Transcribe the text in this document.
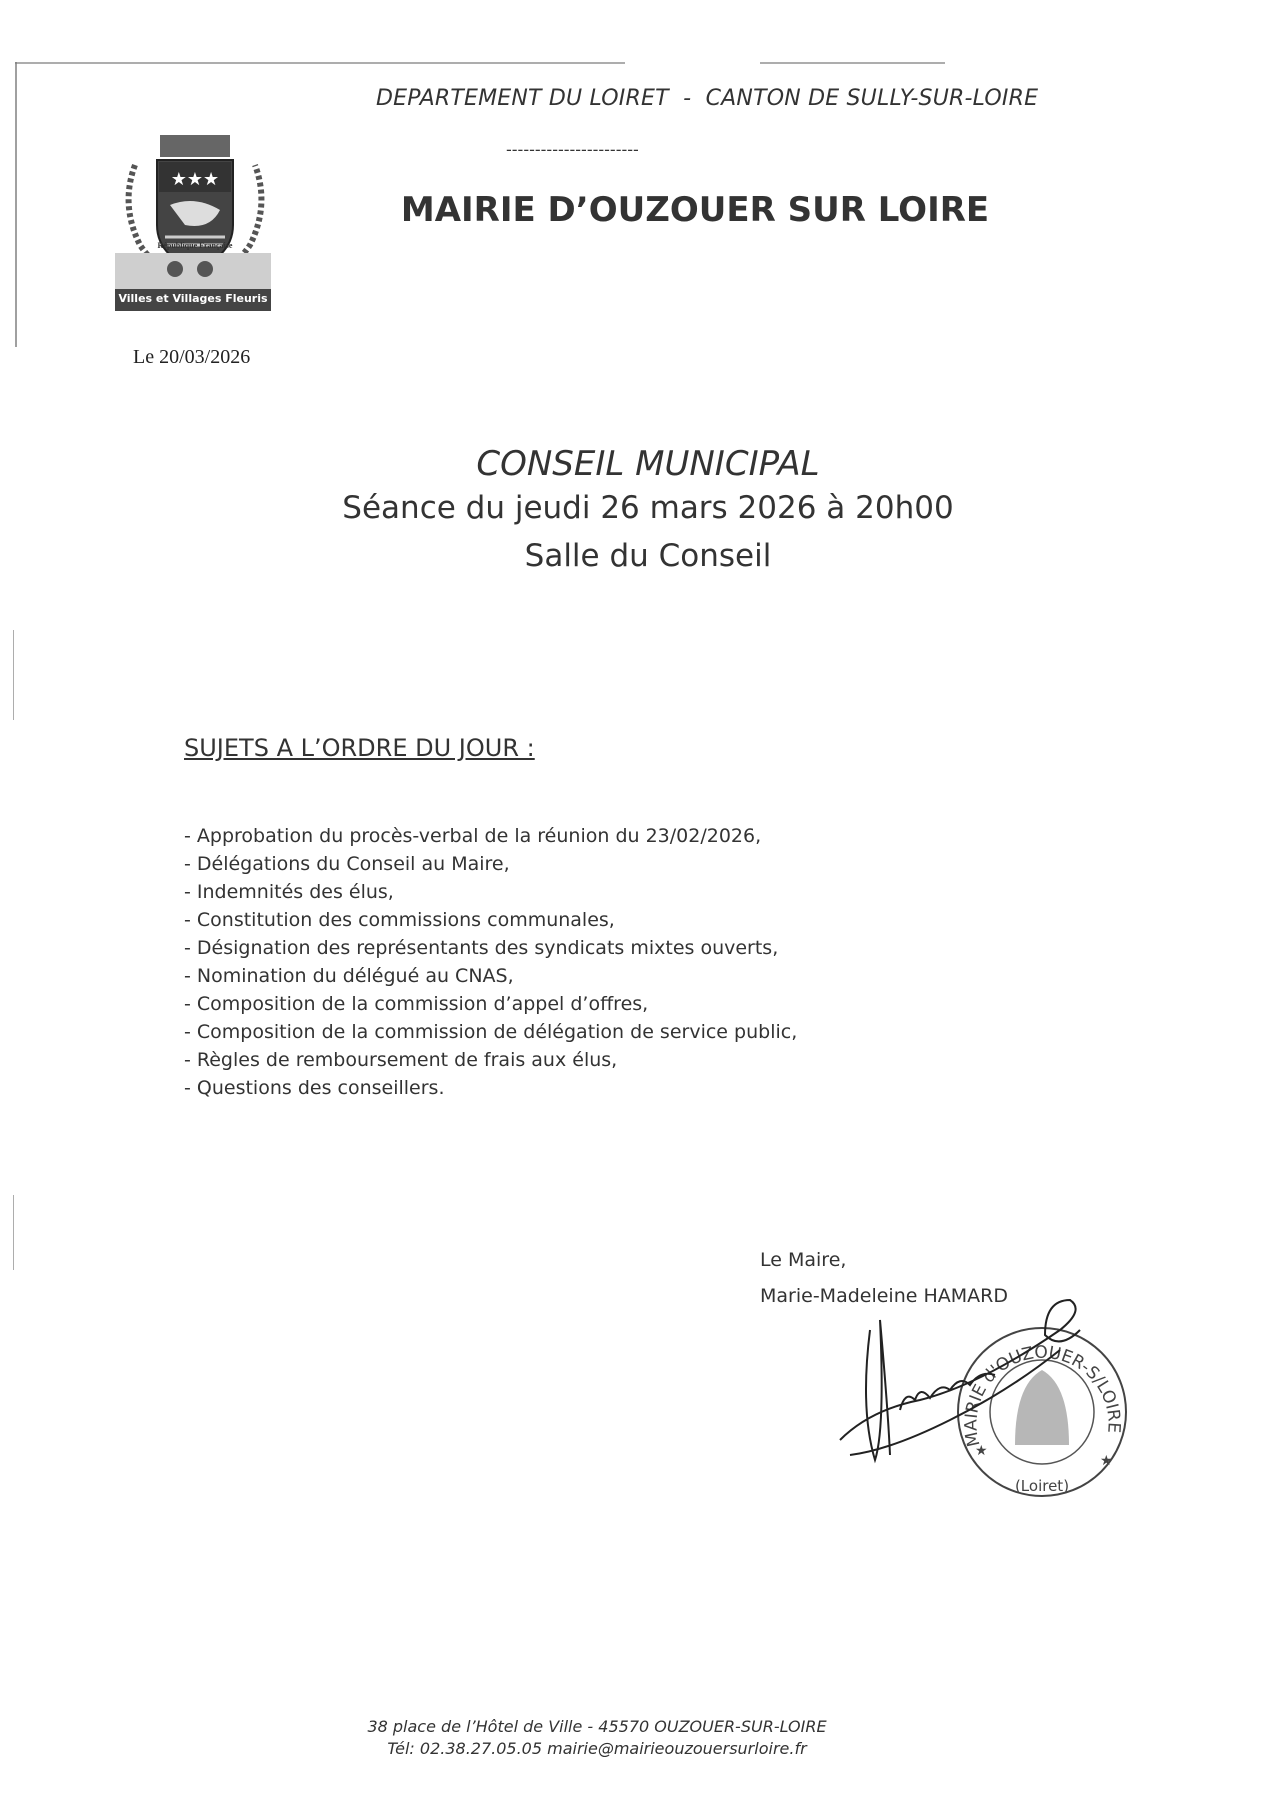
DEPARTEMENT DU LOIRET  -  CANTON DE SULLY-SUR-LOIRE
★★★
République Française
Villes et Villages Fleuris
-----------------------
MAIRIE D’OUZOUER SUR LOIRE
Le 20/03/2026
CONSEIL MUNICIPAL
Séance du jeudi 26 mars 2026 à 20h00
Salle du Conseil
SUJETS A L’ORDRE DU JOUR :
- Approbation du procès-verbal de la réunion du 23/02/2026,
- Délégations du Conseil au Maire,
- Indemnités des élus,
- Constitution des commissions communales,
- Désignation des représentants des syndicats mixtes ouverts,
- Nomination du délégué au CNAS,
- Composition de la commission d’appel d’offres,
- Composition de la commission de délégation de service public,
- Règles de remboursement de frais aux élus,
- Questions des conseillers.
Le Maire,
Marie-Madeleine HAMARD
★
★
(Loiret)
MAIRIE d'OUZOUER-S/LOIRE
38 place de l’Hôtel de Ville - 45570 OUZOUER-SUR-LOIRE
Tél: 02.38.27.05.05 mairie@mairieouzouersurloire.fr
